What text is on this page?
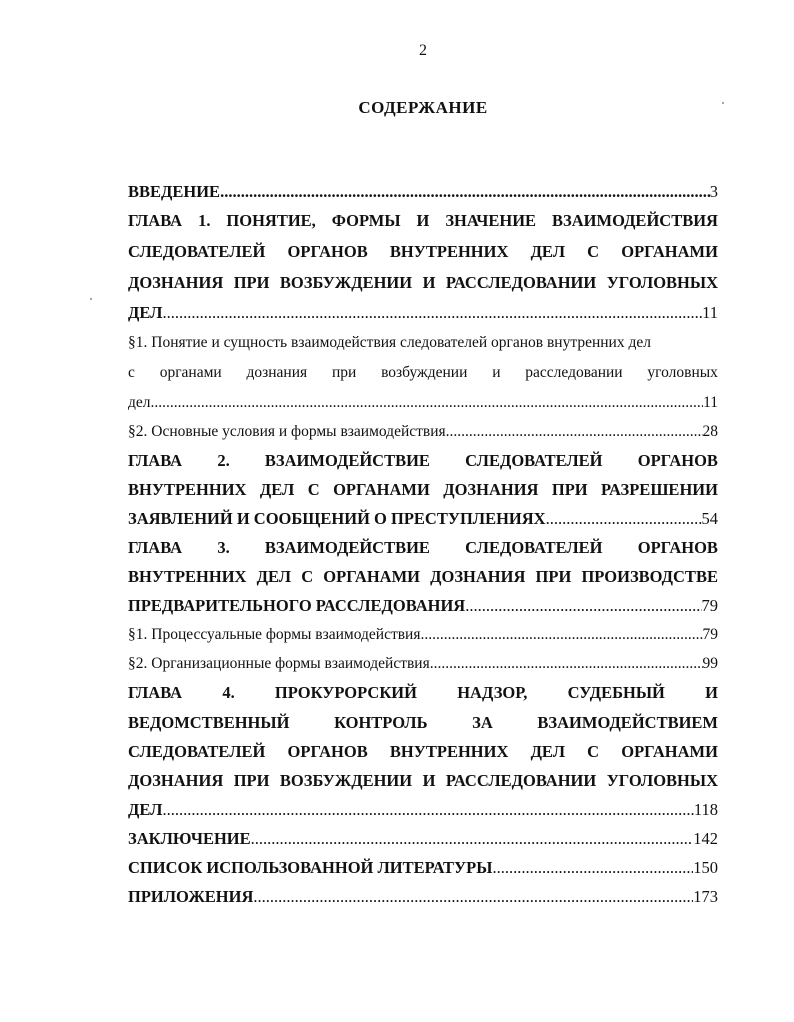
2
СОДЕРЖАНИЕ
ВВЕДЕНИЕ .....	3
ГЛАВА 1. ПОНЯТИЕ, ФОРМЫ И ЗНАЧЕНИЕ ВЗАИМОДЕЙСТВИЯ
СЛЕДОВАТЕЛЕЙ ОРГАНОВ ВНУТРЕННИХ ДЕЛ С ОРГАНАМИ
ДОЗНАНИЯ ПРИ ВОЗБУЖДЕНИИ И РАССЛЕДОВАНИИ УГОЛОВНЫХ
ДЕЛ .....	11
§1. Понятие и сущность взаимодействия следователей органов внутренних дел
с органами дознания при возбуждении и расследовании уголовных
дел .....	11
§2. Основные условия и формы взаимодействия .....	28
ГЛАВА 2. ВЗАИМОДЕЙСТВИЕ СЛЕДОВАТЕЛЕЙ ОРГАНОВ
ВНУТРЕННИХ ДЕЛ С ОРГАНАМИ ДОЗНАНИЯ ПРИ РАЗРЕШЕНИИ
ЗАЯВЛЕНИЙ И СООБЩЕНИЙ О ПРЕСТУПЛЕНИЯХ .....	54
ГЛАВА 3. ВЗАИМОДЕЙСТВИЕ СЛЕДОВАТЕЛЕЙ ОРГАНОВ
ВНУТРЕННИХ ДЕЛ С ОРГАНАМИ ДОЗНАНИЯ ПРИ ПРОИЗВОДСТВЕ
ПРЕДВАРИТЕЛЬНОГО РАССЛЕДОВАНИЯ .....	79
§1. Процессуальные формы взаимодействия .....	79
§2. Организационные формы взаимодействия .....	99
ГЛАВА 4. ПРОКУРОРСКИЙ НАДЗОР, СУДЕБНЫЙ И
ВЕДОМСТВЕННЫЙ	КОНТРОЛЬ	ЗА	ВЗАИМОДЕЙСТВИЕМ
СЛЕДОВАТЕЛЕЙ ОРГАНОВ ВНУТРЕННИХ ДЕЛ С ОРГАНАМИ
ДОЗНАНИЯ ПРИ ВОЗБУЖДЕНИИ И РАССЛЕДОВАНИИ УГОЛОВНЫХ
ДЕЛ .....	118
ЗАКЛЮЧЕНИЕ .....	142
СПИСОК ИСПОЛЬЗОВАННОЙ ЛИТЕРАТУРЫ .....	150
ПРИЛОЖЕНИЯ .....	173
